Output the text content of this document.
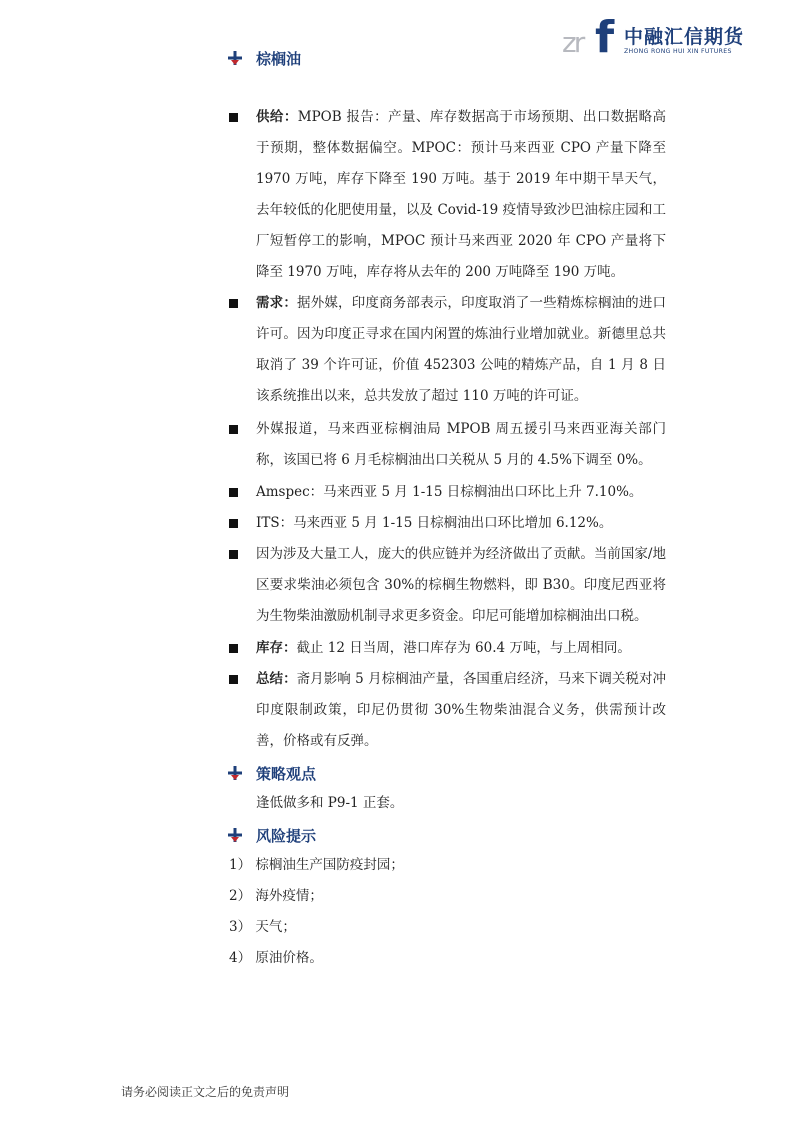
zr f 中融汇信期货
ZHONG RONG HUI XIN FUTURES
棕榈油
供给：MPOB 报告：产量、库存数据高于市场预期、出口数据略高于预期，整体数据偏空。MPOC：预计马来西亚 CPO 产量下降至 1970 万吨，库存下降至 190 万吨。基于 2019 年中期干旱天气，去年较低的化肥使用量，以及 Covid-19 疫情导致沙巴油棕庄园和工厂短暂停工的影响，MPOC 预计马来西亚 2020 年 CPO 产量将下降至 1970 万吨，库存将从去年的 200 万吨降至 190 万吨。
需求：据外媒，印度商务部表示，印度取消了一些精炼棕榈油的进口许可。因为印度正寻求在国内闲置的炼油行业增加就业。新德里总共取消了 39 个许可证，价值 452303 公吨的精炼产品，自 1 月 8 日该系统推出以来，总共发放了超过 110 万吨的许可证。
外媒报道，马来西亚棕榈油局 MPOB 周五援引马来西亚海关部门称，该国已将 6 月毛棕榈油出口关税从 5 月的 4.5%下调至 0%。
Amspec：马来西亚 5 月 1-15 日棕榈油出口环比上升 7.10%。
ITS：马来西亚 5 月 1-15 日棕榈油出口环比增加 6.12%。
因为涉及大量工人，庞大的供应链并为经济做出了贡献。当前国家/地区要求柴油必须包含 30%的棕榈生物燃料，即 B30。印度尼西亚将为生物柴油激励机制寻求更多资金。印尼可能增加棕榈油出口税。
库存：截止 12 日当周，港口库存为 60.4 万吨，与上周相同。
总结：斋月影响 5 月棕榈油产量，各国重启经济，马来下调关税对冲印度限制政策，印尼仍贯彻 30%生物柴油混合义务，供需预计改善，价格或有反弹。
策略观点
逢低做多和 P9-1 正套。
风险提示
1） 棕榈油生产国防疫封园；
2） 海外疫情；
3） 天气；
4） 原油价格。
请务必阅读正文之后的免责声明
